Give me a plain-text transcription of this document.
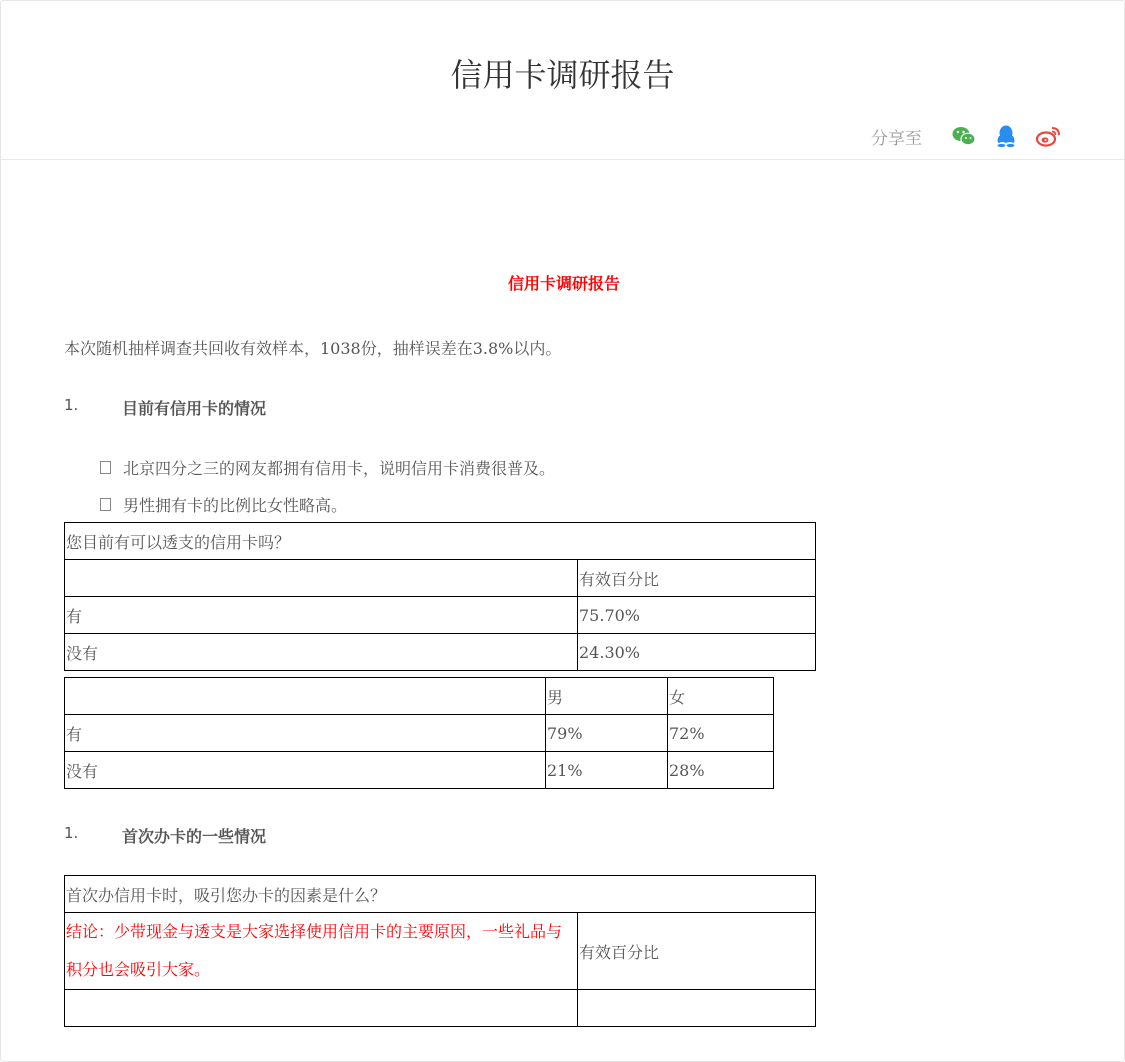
信用卡调研报告
分享至
信用卡调研报告
本次随机抽样调查共回收有效样本，1038份，抽样误差在3.8%以内。
1.	目前有信用卡的情况
北京四分之三的网友都拥有信用卡，说明信用卡消费很普及。
男性拥有卡的比例比女性略高。
您目前有可以透支的信用卡吗？	
	有效百分比
有	75.70%
没有	24.30%
	男	女
有	79%	72%
没有	21%	28%
1.	首次办卡的一些情况
首次办信用卡时，吸引您办卡的因素是什么？	
结论：少带现金与透支是大家选择使用信用卡的主要原因，一些礼品与积分也会吸引大家。	有效百分比
